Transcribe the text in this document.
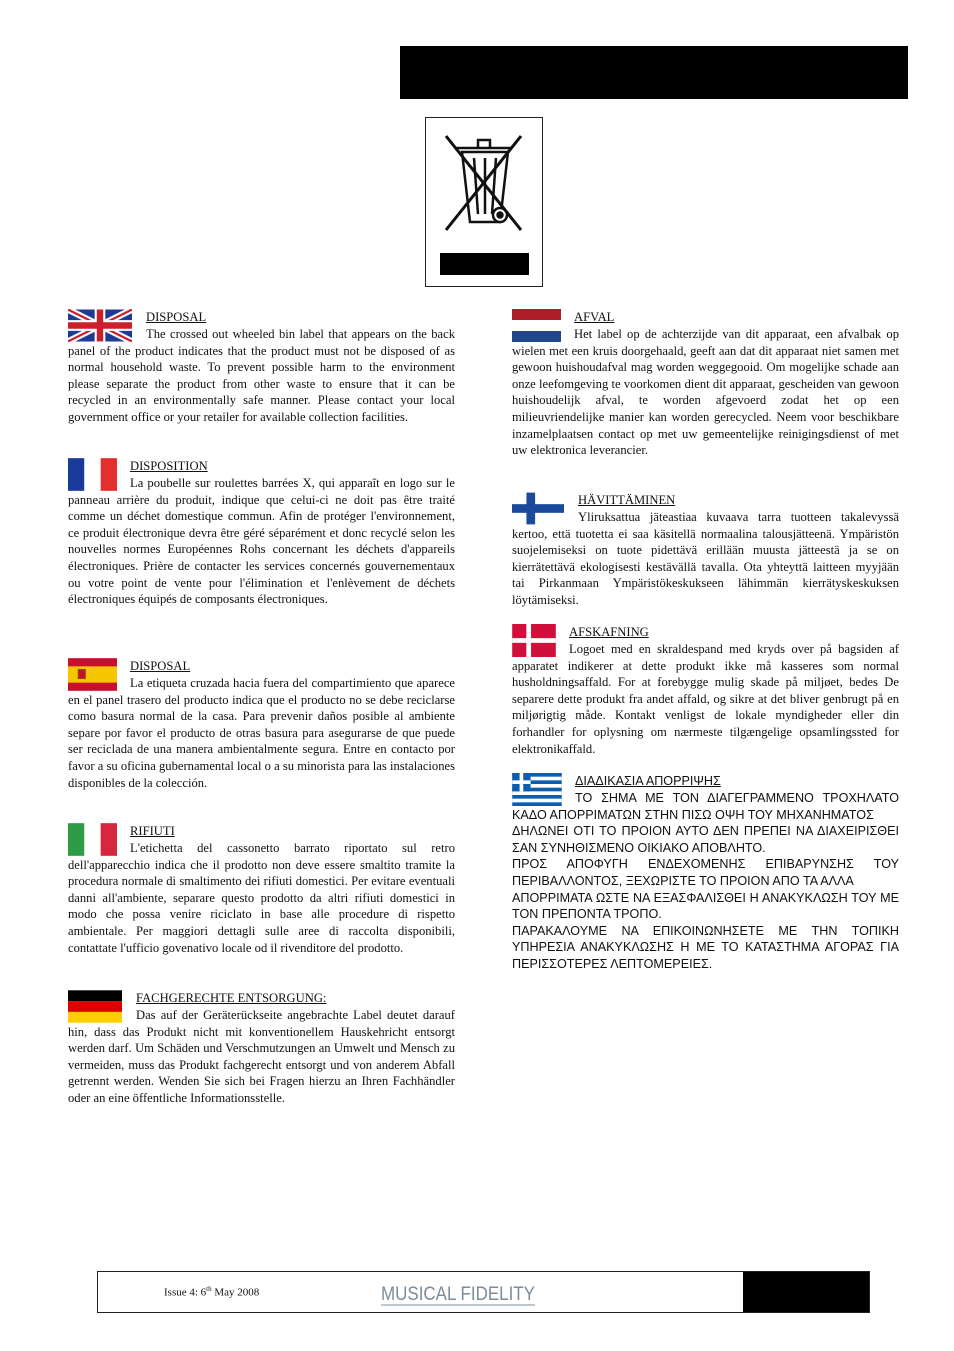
DISPOSAL

The crossed out wheeled bin label that appears on the back panel of the product indicates that the product must not be disposed of as normal household waste. To prevent possible harm to the environment please separate the product from other waste to ensure that it can be recycled in an environmentally safe manner. Please contact your local government office or your retailer for available collection facilities.

DISPOSITION

La poubelle sur roulettes barrées X, qui apparaît en logo sur le panneau arrière du produit, indique que celui-ci ne doit pas être traité comme un déchet domestique commun. Afin de protéger l'environnement, ce produit électronique devra être géré séparément et donc recyclé selon les nouvelles normes Européennes Rohs concernant les déchets d'appareils électroniques. Prière de contacter les services concernés gouvernementaux ou votre point de vente pour l'élimination et l'enlèvement de déchets électroniques équipés de composants électroniques.

DISPOSAL

La etiqueta cruzada hacia fuera del compartimiento que aparece en el panel trasero del producto indica que el producto no se debe reciclarse como basura normal de la casa. Para prevenir daños posible al ambiente separe por favor el producto de otras basura para asegurarse de que puede ser reciclada de una manera ambientalmente segura. Entre en contacto por favor a su oficina gubernamental local o a su minorista para las instalaciones disponibles de la colección.

RIFIUTI

L'etichetta del cassonetto barrato riportato sul retro dell'apparecchio indica che il prodotto non deve essere smaltito tramite la procedura normale di smaltimento dei rifiuti domestici. Per evitare eventuali danni all'ambiente, separare questo prodotto da altri rifiuti domestici in modo che possa venire riciclato in base alle procedure di rispetto ambientale. Per maggiori dettagli sulle aree di raccolta disponibili, contattate l'ufficio govenativo locale od il rivenditore del prodotto.

FACHGERECHTE ENTSORGUNG:

Das auf der Geräterückseite angebrachte Label deutet darauf hin, dass das Produkt nicht mit konventionellem Hauskehricht entsorgt werden darf. Um Schäden und Verschmutzungen an Umwelt und Mensch zu vermeiden, muss das Produkt fachgerecht entsorgt und von anderem Abfall getrennt werden. Wenden Sie sich bei Fragen hierzu an Ihren Fachhändler oder an eine öffentliche Informationsstelle.

AFVAL

Het label op de achterzijde van dit apparaat, een afvalbak op wielen met een kruis doorgehaald, geeft aan dat dit apparaat niet samen met gewoon huishoudafval mag worden weggegooid. Om mogelijke schade aan onze leefomgeving te voorkomen dient dit apparaat, gescheiden van gewoon huishoudelijk afval, te worden afgevoerd zodat het op een milieuvriendelijke manier kan worden gerecycled. Neem voor beschikbare inzamelplaatsen contact op met uw gemeentelijke reinigingsdienst of met uw elektronica leverancier.

HÄVITTÄMINEN

Yliruksattua jäteastiaa kuvaava tarra tuotteen takalevyssä kertoo, että tuotetta ei saa käsitellä normaalina talousjätteenä. Ympäristön suojelemiseksi on tuote pidettävä erillään muusta jätteestä ja se on kierrätettävä ekologisesti kestävällä tavalla. Ota yhteyttä laitteen myyjään tai Pirkanmaan Ympäristökeskukseen lähimmän kierrätyskeskuksen löytämiseksi.

AFSKAFNING

Logoet med en skraldespand med kryds over på bagsiden af apparatet indikerer at dette produkt ikke må kasseres som normal husholdningsaffald. For at forebygge mulig skade på miljøet, bedes De separere dette produkt fra andet affald, og sikre at det bliver genbrugt på en miljørigtig måde. Kontakt venligst de lokale myndigheder eller din forhandler for oplysning om nærmeste tilgængelige opsamlingssted for elektronikaffald.

ΔΙΑΔΙΚΑΣΙΑ ΑΠΟΡΡΙΨΗΣ

ΤΟ ΣΗΜΑ ΜΕ ΤΟΝ ΔΙΑΓΕΓΡΑΜΜΕΝΟ ΤΡΟΧΗΛΑΤΟ ΚΑΔΟ ΑΠΟΡΡΙΜΑΤΩΝ ΣΤΗΝ ΠΙΣΩ ΟΨΗ ΤΟΥ ΜΗΧΑΝΗΜΑΤΟΣ
ΔΗΛΩΝΕΙ ΟΤΙ ΤΟ ΠΡΟΙΟΝ ΑΥΤΟ ΔΕΝ ΠΡΕΠΕΙ ΝΑ ΔΙΑΧΕΙΡΙΣΘΕΙ ΣΑΝ ΣΥΝΗΘΙΣΜΕΝΟ ΟΙΚΙΑΚΟ ΑΠΟΒΛΗΤΟ.
ΠΡΟΣ ΑΠΟΦΥΓΗ ΕΝΔΕΧΟΜΕΝΗΣ ΕΠΙΒΑΡΥΝΣΗΣ ΤΟΥ ΠΕΡΙΒΑΛΛΟΝΤΟΣ, ΞΕΧΩΡΙΣΤΕ ΤΟ ΠΡΟΙΟΝ ΑΠΟ ΤΑ ΑΛΛΑ
ΑΠΟΡΡΙΜΑΤΑ ΩΣΤΕ ΝΑ ΕΞΑΣΦΑΛΙΣΘΕΙ Η ΑΝΑΚΥΚΛΩΣΗ ΤΟΥ ΜΕ ΤΟΝ ΠΡΕΠΟΝΤΑ ΤΡΟΠΟ.
ΠΑΡΑΚΑΛΟΥΜΕ ΝΑ ΕΠΙΚΟΙΝΩΝΗΣΕΤΕ ΜΕ ΤΗΝ ΤΟΠΙΚΗ ΥΠΗΡΕΣΙΑ ΑΝΑΚΥΚΛΩΣΗΣ Η ΜΕ ΤΟ ΚΑΤΑΣΤΗΜΑ ΑΓΟΡΑΣ ΓΙΑ ΠΕΡΙΣΣΟΤΕΡΕΣ ΛΕΠΤΟΜΕΡΕΙΕΣ.

Issue 4: 6th May 2008	MUSICAL FIDELITY
